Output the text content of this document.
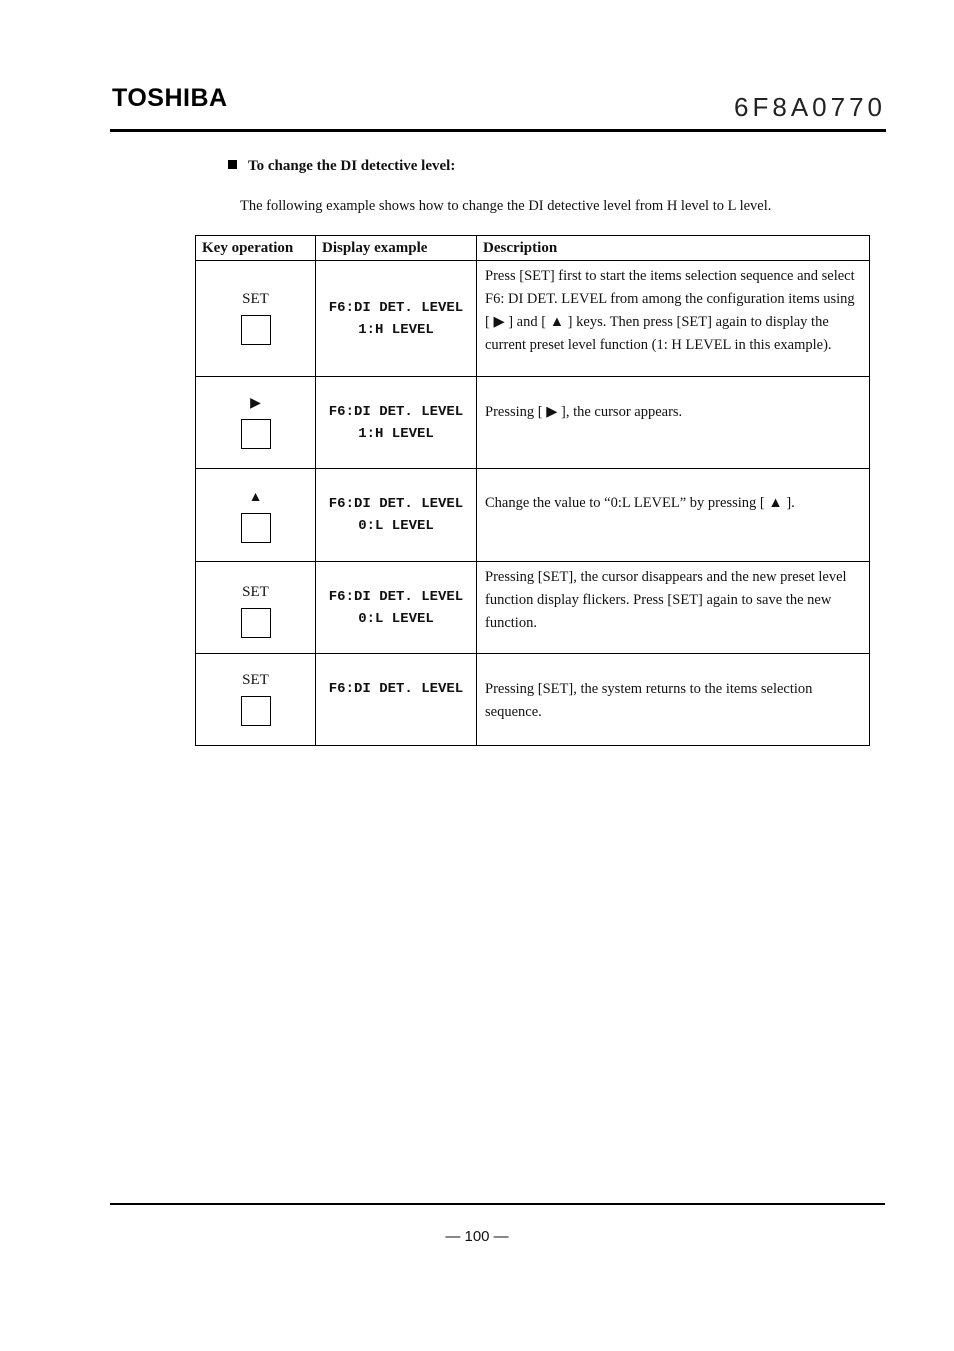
TOSHIBA	6F8A0770
To change the DI detective level:
The following example shows how to change the DI detective level from H level to L level.
Key operation	Display example	Description

SET	F6:DI DET. LEVEL
1:H LEVEL	Press [SET] first to start the items selection sequence and select F6: DI DET. LEVEL from among the configuration items using [ ▶ ] and [ ▲ ] keys. Then press [SET] again to display the current preset level function (1: H LEVEL in this example).

▶	F6:DI DET. LEVEL
1:H LEVEL	Pressing [ ▶ ], the cursor appears.

▲	F6:DI DET. LEVEL
0:L LEVEL	Change the value to “0:L LEVEL” by pressing [ ▲ ].

SET	F6:DI DET. LEVEL
0:L LEVEL	Pressing [SET], the cursor disappears and the new preset level function display flickers. Press [SET] again to save the new function.

SET	F6:DI DET. LEVEL	Pressing [SET], the system returns to the items selection sequence.
— 100 —
